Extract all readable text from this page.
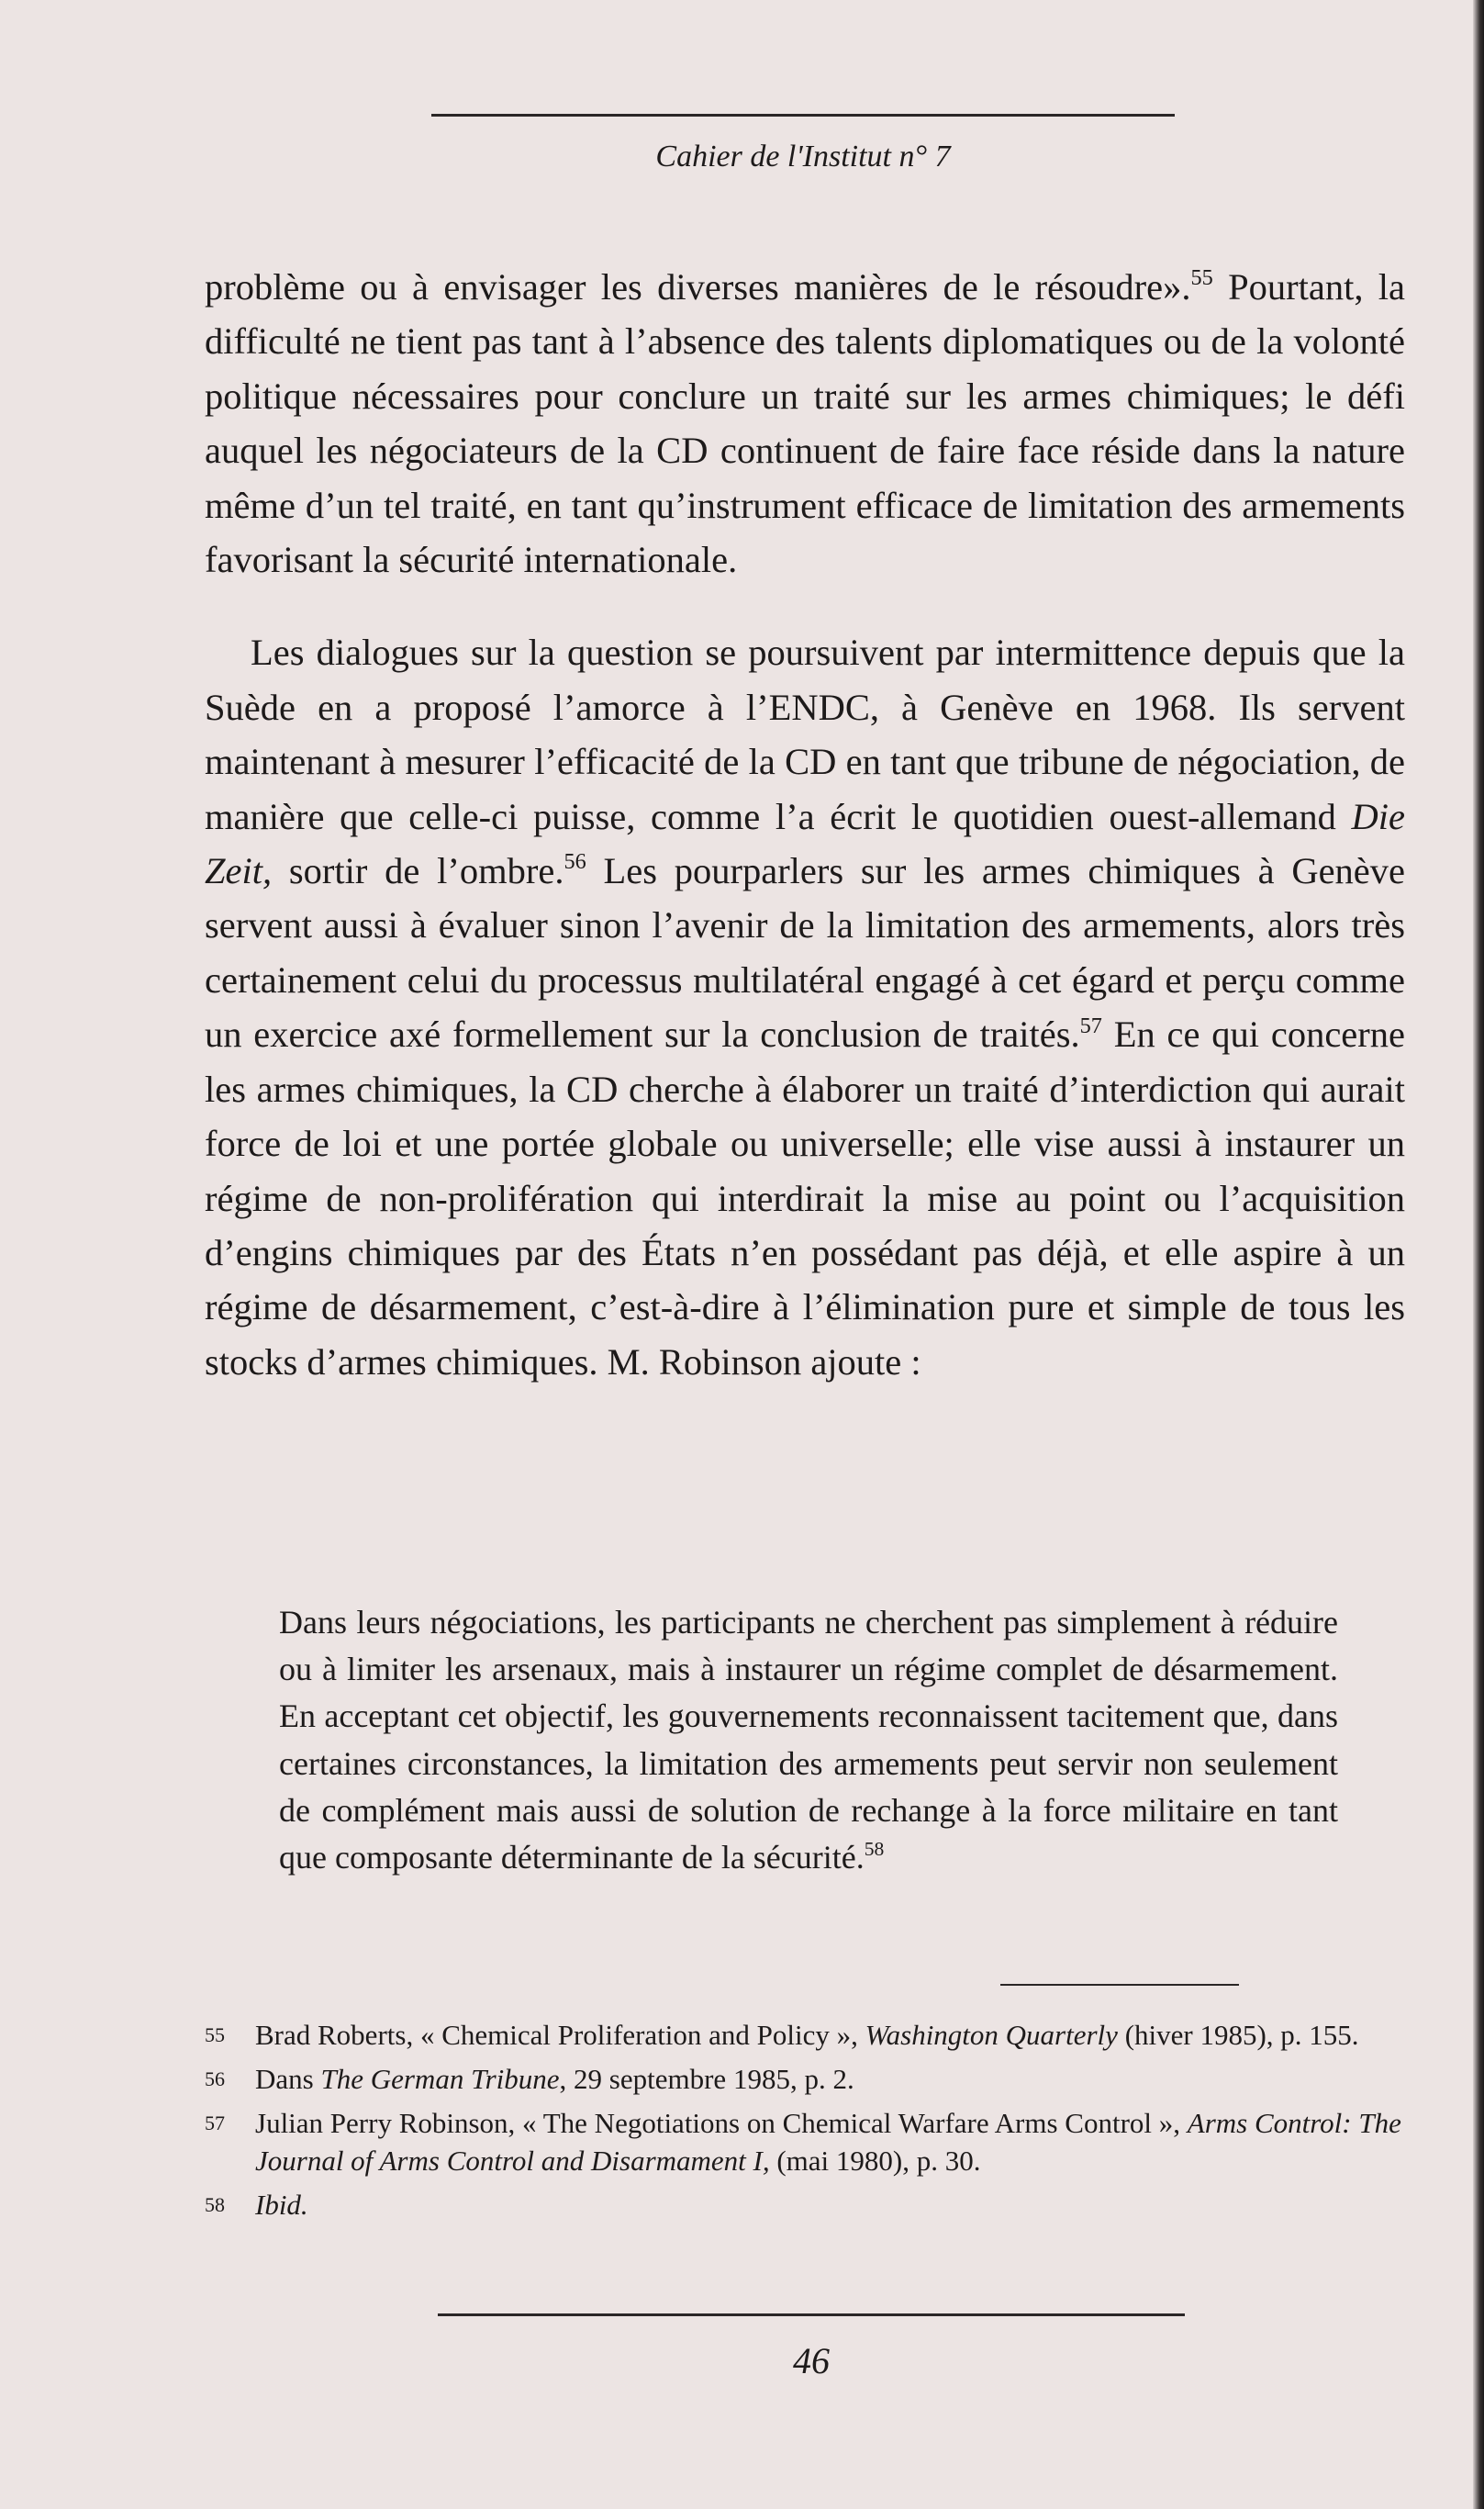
Cahier de l'Institut n° 7

problème ou à envisager les diverses manières de le résoudre».$^{55}$ Pourtant, la difficulté ne tient pas tant à l’absence des talents diplomatiques ou de la volonté politique nécessaires pour conclure un traité sur les armes chimiques; le défi auquel les négociateurs de la CD continuent de faire face réside dans la nature même d’un tel traité, en tant qu’instrument efficace de limitation des armements favorisant la sécurité internationale.

Les dialogues sur la question se poursuivent par intermittence depuis que la Suède en a proposé l’amorce à l’ENDC, à Genève en 1968. Ils servent maintenant à mesurer l’efficacité de la CD en tant que tribune de négociation, de manière que celle-ci puisse, comme l’a écrit le quotidien ouest-allemand Die Zeit, sortir de l’ombre.$^{56}$ Les pourparlers sur les armes chimiques à Genève servent aussi à évaluer sinon l’avenir de la limitation des armements, alors très certainement celui du processus multilatéral engagé à cet égard et perçu comme un exercice axé formellement sur la conclusion de traités.$^{57}$ En ce qui concerne les armes chimiques, la CD cherche à élaborer un traité d’interdiction qui aurait force de loi et une portée globale ou universelle; elle vise aussi à instaurer un régime de non-prolifération qui interdirait la mise au point ou l’acquisition d’engins chimiques par des États n’en possédant pas déjà, et elle aspire à un régime de désarmement, c’est-à-dire à l’élimination pure et simple de tous les stocks d’armes chimiques. M. Robinson ajoute :

Dans leurs négociations, les participants ne cherchent pas simplement à réduire ou à limiter les arsenaux, mais à instaurer un régime complet de désarmement. En acceptant cet objectif, les gouvernements reconnaissent tacitement que, dans certaines circonstances, la limitation des armements peut servir non seulement de complément mais aussi de solution de rechange à la force militaire en tant que composante déterminante de la sécurité.$^{58}$
55 Brad Roberts, « Chemical Proliferation and Policy », Washington Quarterly (hiver 1985), p. 155.
56 Dans The German Tribune, 29 septembre 1985, p. 2.
57 Julian Perry Robinson, « The Negotiations on Chemical Warfare Arms Control », Arms Control: The Journal of Arms Control and Disarmament I, (mai 1980), p. 30.
58 Ibid.
46
